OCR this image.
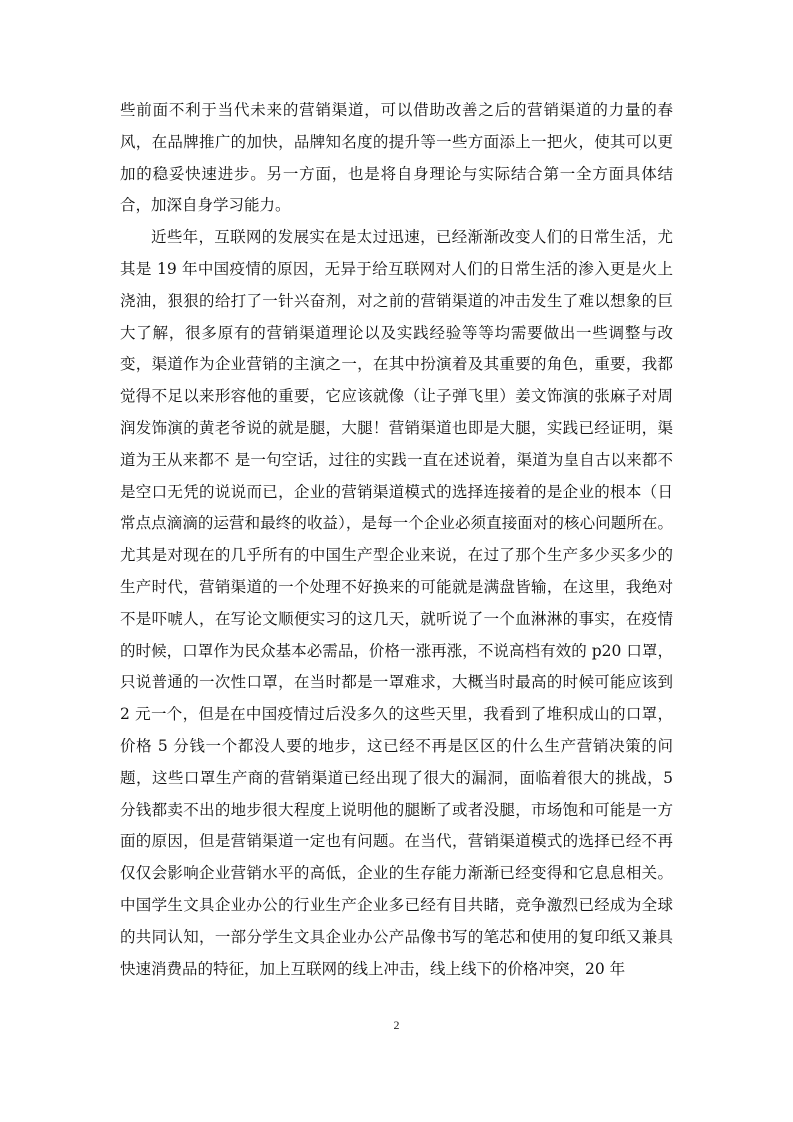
些前面不利于当代未来的营销渠道，可以借助改善之后的营销渠道的力量的春风，在品牌推广的加快，品牌知名度的提升等一些方面添上一把火，使其可以更加的稳妥快速进步。另一方面，也是将自身理论与实际结合第一全方面具体结合，加深自身学习能力。

近些年，互联网的发展实在是太过迅速，已经渐渐改变人们的日常生活，尤其是 19 年中国疫情的原因，无异于给互联网对人们的日常生活的渗入更是火上浇油，狠狠的给打了一针兴奋剂，对之前的营销渠道的冲击发生了难以想象的巨大了解，很多原有的营销渠道理论以及实践经验等等均需要做出一些调整与改变，渠道作为企业营销的主演之一，在其中扮演着及其重要的角色，重要，我都觉得不足以来形容他的重要，它应该就像（让子弹飞里）姜文饰演的张麻子对周润发饰演的黄老爷说的就是腿，大腿！营销渠道也即是大腿，实践已经证明，渠道为王从来都不 是一句空话，过往的实践一直在述说着，渠道为皇自古以来都不是空口无凭的说说而已，企业的营销渠道模式的选择连接着的是企业的根本（日常点点滴滴的运营和最终的收益），是每一个企业必须直接面对的核心问题所在。尤其是对现在的几乎所有的中国生产型企业来说，在过了那个生产多少买多少的生产时代，营销渠道的一个处理不好换来的可能就是满盘皆输，在这里，我绝对不是吓唬人，在写论文顺便实习的这几天，就听说了一个血淋淋的事实，在疫情的时候，口罩作为民众基本必需品，价格一涨再涨，不说高档有效的 p20 口罩，只说普通的一次性口罩，在当时都是一罩难求，大概当时最高的时候可能应该到 2 元一个，但是在中国疫情过后没多久的这些天里，我看到了堆积成山的口罩，价格 5 分钱一个都没人要的地步，这已经不再是区区的什么生产营销决策的问题，这些口罩生产商的营销渠道已经出现了很大的漏洞，面临着很大的挑战，5 分钱都卖不出的地步很大程度上说明他的腿断了或者没腿，市场饱和可能是一方面的原因，但是营销渠道一定也有问题。在当代，营销渠道模式的选择已经不再仅仅会影响企业营销水平的高低，企业的生存能力渐渐已经变得和它息息相关。中国学生文具企业办公的行业生产企业多已经有目共睹，竞争激烈已经成为全球的共同认知，一部分学生文具企业办公产品像书写的笔芯和使用的复印纸又兼具快速消费品的特征，加上互联网的线上冲击，线上线下的价格冲突，20 年

2
